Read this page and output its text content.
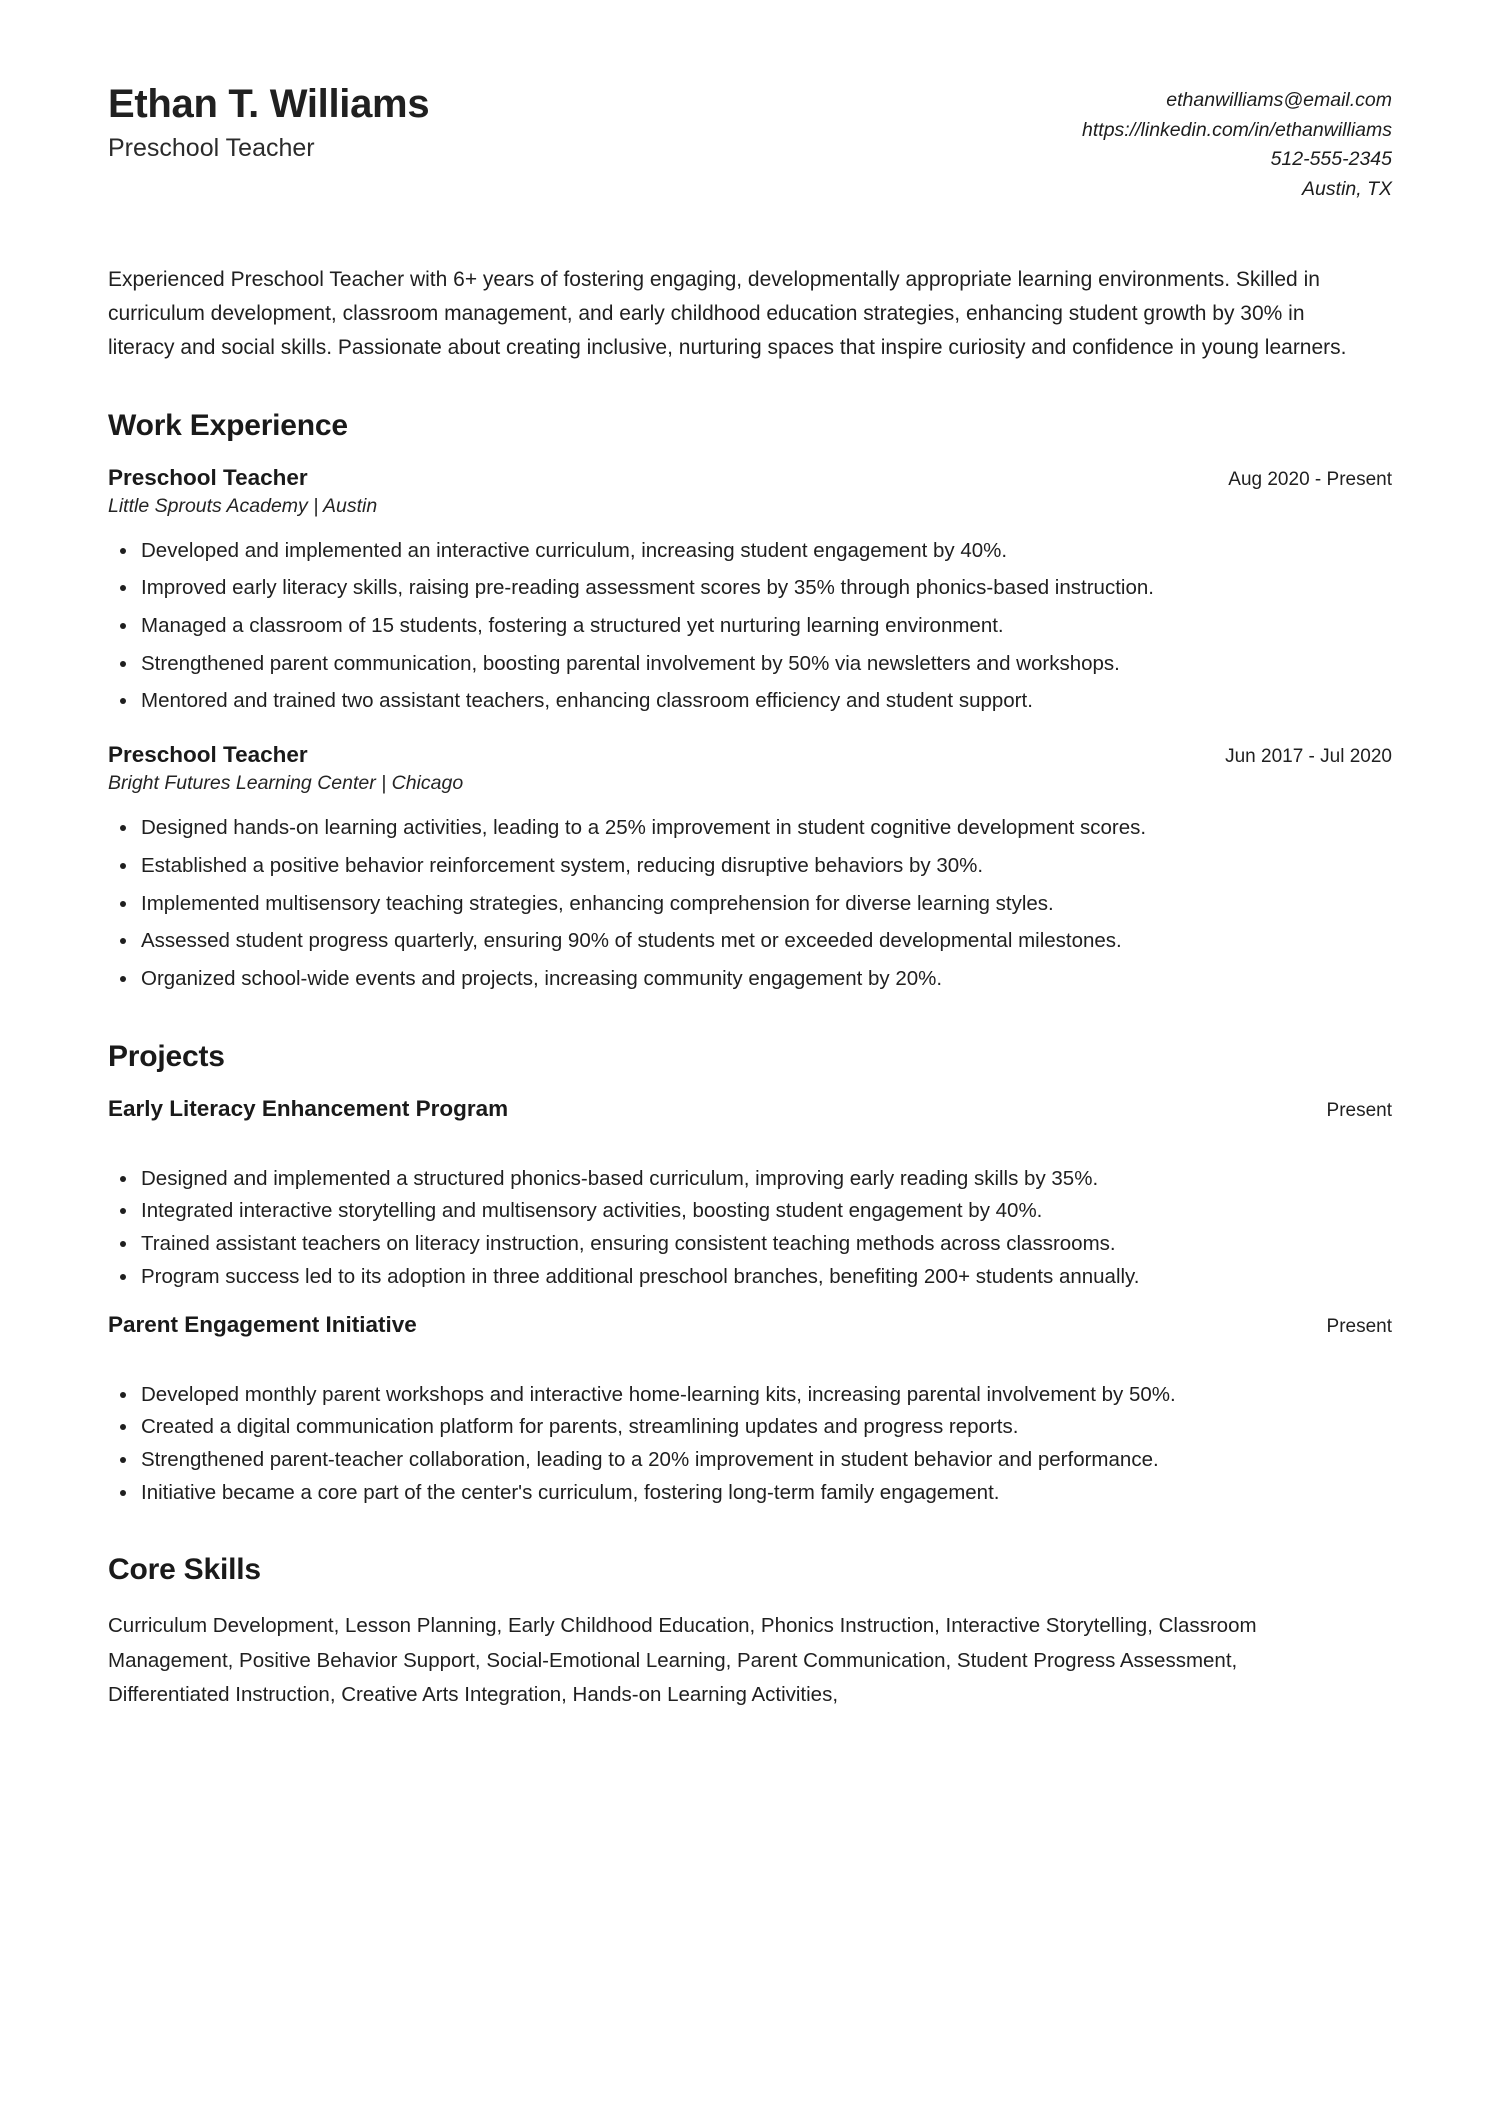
Ethan T. Williams
Preschool Teacher
ethanwilliams@email.com
https://linkedin.com/in/ethanwilliams
512-555-2345
Austin, TX

Experienced Preschool Teacher with 6+ years of fostering engaging, developmentally appropriate learning environments. Skilled in curriculum development, classroom management, and early childhood education strategies, enhancing student growth by 30% in literacy and social skills. Passionate about creating inclusive, nurturing spaces that inspire curiosity and confidence in young learners.

Work Experience
Preschool Teacher	Aug 2020 - Present
Little Sprouts Academy | Austin
Developed and implemented an interactive curriculum, increasing student engagement by 40%.
Improved early literacy skills, raising pre-reading assessment scores by 35% through phonics-based instruction.
Managed a classroom of 15 students, fostering a structured yet nurturing learning environment.
Strengthened parent communication, boosting parental involvement by 50% via newsletters and workshops.
Mentored and trained two assistant teachers, enhancing classroom efficiency and student support.
Preschool Teacher	Jun 2017 - Jul 2020
Bright Futures Learning Center | Chicago
Designed hands-on learning activities, leading to a 25% improvement in student cognitive development scores.
Established a positive behavior reinforcement system, reducing disruptive behaviors by 30%.
Implemented multisensory teaching strategies, enhancing comprehension for diverse learning styles.
Assessed student progress quarterly, ensuring 90% of students met or exceeded developmental milestones.
Organized school-wide events and projects, increasing community engagement by 20%.
Projects
Early Literacy Enhancement Program	Present
Designed and implemented a structured phonics-based curriculum, improving early reading skills by 35%.
Integrated interactive storytelling and multisensory activities, boosting student engagement by 40%.
Trained assistant teachers on literacy instruction, ensuring consistent teaching methods across classrooms.
Program success led to its adoption in three additional preschool branches, benefiting 200+ students annually.
Parent Engagement Initiative	Present
Developed monthly parent workshops and interactive home-learning kits, increasing parental involvement by 50%.
Created a digital communication platform for parents, streamlining updates and progress reports.
Strengthened parent-teacher collaboration, leading to a 20% improvement in student behavior and performance.
Initiative became a core part of the center's curriculum, fostering long-term family engagement.
Core Skills

Curriculum Development, Lesson Planning, Early Childhood Education, Phonics Instruction, Interactive Storytelling, Classroom Management, Positive Behavior Support, Social-Emotional Learning, Parent Communication, Student Progress Assessment, Differentiated Instruction, Creative Arts Integration, Hands-on Learning Activities,
